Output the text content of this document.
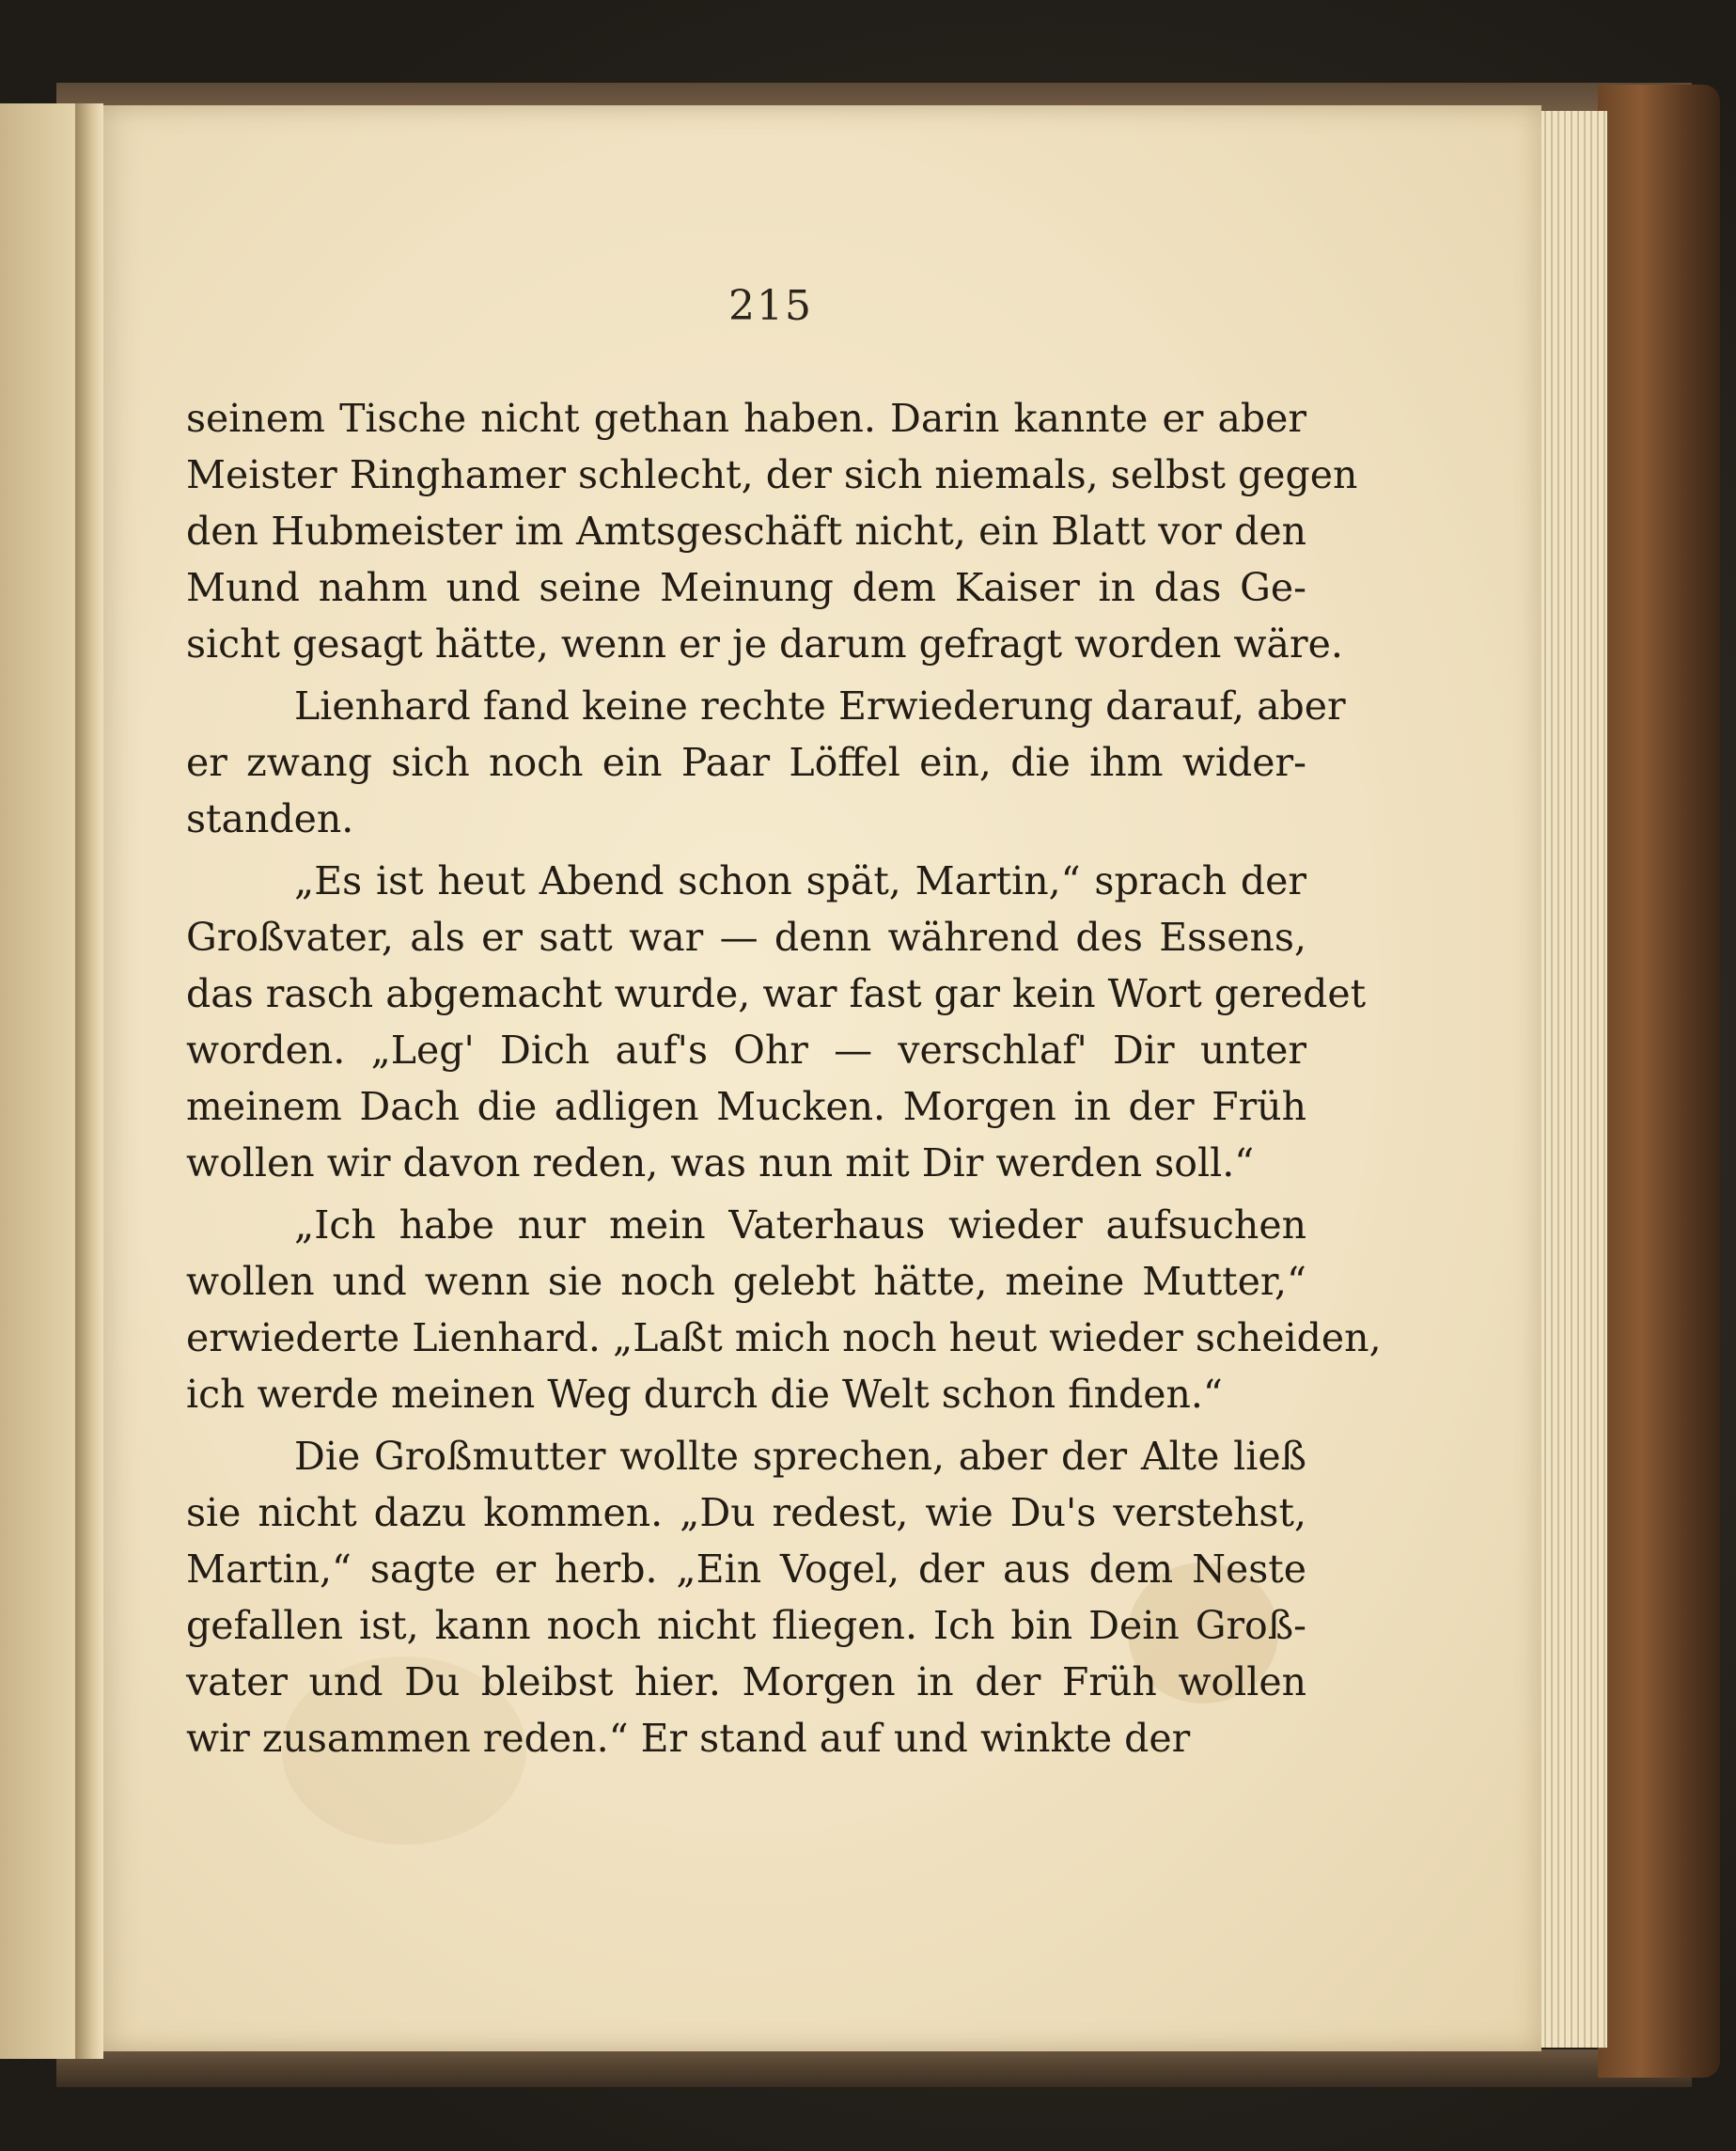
215
seinem Tische nicht gethan haben. Darin kannte er aber
Meister Ringhamer schlecht, der sich niemals, selbst gegen
den Hubmeister im Amtsgeschäft nicht, ein Blatt vor den
Mund nahm und seine Meinung dem Kaiser in das Ge-
sicht gesagt hätte, wenn er je darum gefragt worden wäre.
Lienhard fand keine rechte Erwiederung darauf, aber
er zwang sich noch ein Paar Löffel ein, die ihm wider-
standen.
„Es ist heut Abend schon spät, Martin,“ sprach der
Großvater, als er satt war — denn während des Essens,
das rasch abgemacht wurde, war fast gar kein Wort geredet
worden. „Leg' Dich auf's Ohr — verschlaf' Dir unter
meinem Dach die adligen Mucken. Morgen in der Früh
wollen wir davon reden, was nun mit Dir werden soll.“
„Ich habe nur mein Vaterhaus wieder aufsuchen
wollen und wenn sie noch gelebt hätte, meine Mutter,“
erwiederte Lienhard. „Laßt mich noch heut wieder scheiden,
ich werde meinen Weg durch die Welt schon finden.“
Die Großmutter wollte sprechen, aber der Alte ließ
sie nicht dazu kommen. „Du redest, wie Du's verstehst,
Martin,“ sagte er herb. „Ein Vogel, der aus dem Neste
gefallen ist, kann noch nicht fliegen. Ich bin Dein Groß-
vater und Du bleibst hier. Morgen in der Früh wollen
wir zusammen reden.“ Er stand auf und winkte der
